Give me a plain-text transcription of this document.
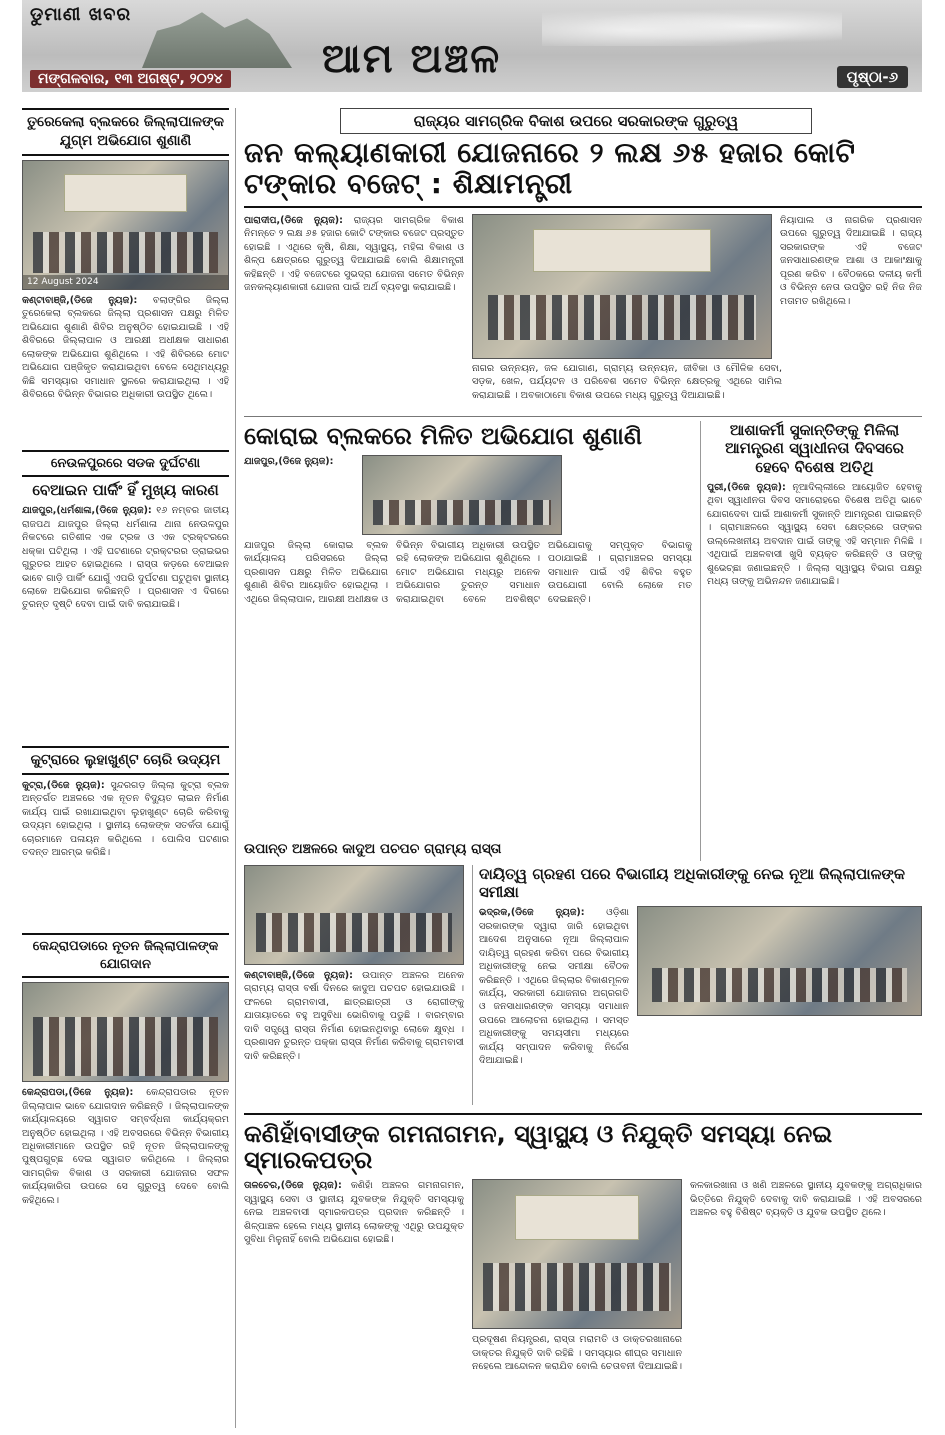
ଡୁମାଣୀ ଖବର
ଆମ ଅଞ୍ଚଳ
ମଙ୍ଗଳବାର, ୧୩ ଅଗଷ୍ଟ, ୨୦୨୪	ପୃଷ୍ଠା-୬
ତୁରେକେଲା ବ୍ଲକରେ ଜିଲ୍ଲାପାଳଙ୍କ ଯୁଗ୍ମ ଅଭିଯୋଗ ଶୁଣାଣି
12 August 2024

କଣ୍ଟାବାଞ୍ଜି,(ଡିଜେ ନ୍ୟୁଜ): ବଲାଙ୍ଗିର ଜିଲ୍ଲା ତୁରେକେଲା ବ୍ଲକରେ ଜିଲ୍ଲା ପ୍ରଶାସନ ପକ୍ଷରୁ ମିଳିତ ଅଭିଯୋଗ ଶୁଣାଣି ଶିବିର ଅନୁଷ୍ଠିତ ହୋଇଯାଇଛି । ଏହି ଶିବିରରେ ଜିଲ୍ଲାପାଳ ଓ ଆରକ୍ଷୀ ଅଧୀକ୍ଷକ ସାଧାରଣ ଲୋକଙ୍କ ଅଭିଯୋଗ ଶୁଣିଥିଲେ । ଏହି ଶିବିରରେ ମୋଟ ଅଭିଯୋଗ ପଞ୍ଜିକୃତ କରାଯାଇଥିବା ବେଳେ ସେଥିମଧ୍ୟରୁ କିଛି ସମସ୍ୟାର ସମାଧାନ ସ୍ଥଳରେ କରାଯାଇଥିଲା । ଏହି ଶିବିରରେ ବିଭିନ୍ନ ବିଭାଗର ଅଧିକାରୀ ଉପସ୍ଥିତ ଥିଲେ।

ନେଉଳପୁରରେ ସଡକ ଦୁର୍ଘଟଣା
ବେଆଇନ ପାର୍କିଂ ହିଁ ମୁଖ୍ୟ କାରଣ

ଯାଜପୁର,(ଧର୍ମଶାଳା,(ଡିଜେ ନ୍ୟୁଜ): ୧୬ ନମ୍ବର ଜାତୀୟ ରାଜପଥ ଯାଜପୁର ଜିଲ୍ଲା ଧର୍ମଶାଳା ଥାନା ନେଉଳପୁର ନିକଟରେ ଗତିଶୀଳ ଏକ ଟ୍ରକ ଓ ଏକ ଟ୍ରକ୍ଟରରେ ଧକ୍କା ଘଟିଥିଲା । ଏହି ଘଟଣାରେ ଟ୍ରକ୍ଟରର ଡ୍ରାଇଭର ଗୁରୁତର ଆହତ ହୋଇଥିଲେ । ରାସ୍ତା କଡ଼ରେ ବେଆଇନ ଭାବେ ଗାଡ଼ି ପାର୍କିଂ ଯୋଗୁଁ ଏପରି ଦୁର୍ଘଟଣା ଘଟୁଥିବା ସ୍ଥାନୀୟ ଲୋକେ ଅଭିଯୋଗ କରିଛନ୍ତି । ପ୍ରଶାସନ ଏ ଦିଗରେ ତୁରନ୍ତ ଦୃଷ୍ଟି ଦେବା ପାଇଁ ଦାବି କରାଯାଇଛି।

କୁଟ୍ରାରେ ଲୁହାଖୁଣ୍ଟ ଚୋରି ଉଦ୍ୟମ

କୁଟ୍ରା,(ଡିଜେ ନ୍ୟୁଜ): ସୁନ୍ଦରଗଡ଼ ଜିଲ୍ଲା କୁଟ୍ରା ବ୍ଲକ ଅନ୍ତର୍ଗତ ଅଞ୍ଚଳରେ ଏକ ନୂତନ ବିଦ୍ୟୁତ ଲାଇନ ନିର୍ମାଣ କାର୍ଯ୍ୟ ପାଇଁ ରଖାଯାଇଥିବା ଲୁହାଖୁଣ୍ଟ ଚୋରି କରିବାକୁ ଉଦ୍ୟମ ହୋଇଥିଲା । ସ୍ଥାନୀୟ ଲୋକଙ୍କ ସତର୍କତା ଯୋଗୁଁ ଚୋରମାନେ ପଳାୟନ କରିଥିଲେ । ପୋଲିସ ଘଟଣାର ତଦନ୍ତ ଆରମ୍ଭ କରିଛି।

କେନ୍ଦ୍ରାପଡାରେ ନୂତନ ଜିଲ୍ଲାପାଳଙ୍କ ଯୋଗଦାନ

କେନ୍ଦ୍ରାପଡା,(ଡିଜେ ନ୍ୟୁଜ): କେନ୍ଦ୍ରାପଡାର ନୂତନ ଜିଲ୍ଲାପାଳ ଭାବେ ଯୋଗଦାନ କରିଛନ୍ତି । ଜିଲ୍ଲାପାଳଙ୍କ କାର୍ଯ୍ୟାଳୟରେ ସ୍ୱାଗତ ସମ୍ବର୍ଦ୍ଧନା କାର୍ଯ୍ୟକ୍ରମ ଅନୁଷ୍ଠିତ ହୋଇଥିଲା । ଏହି ଅବସରରେ ବିଭିନ୍ନ ବିଭାଗୀୟ ଅଧିକାରୀମାନେ ଉପସ୍ଥିତ ରହି ନୂତନ ଜିଲ୍ଲାପାଳଙ୍କୁ ପୁଷ୍ପଗୁଚ୍ଛ ଦେଇ ସ୍ୱାଗତ କରିଥିଲେ । ଜିଲ୍ଲାର ସାମଗ୍ରିକ ବିକାଶ ଓ ସରକାରୀ ଯୋଜନାର ସଫଳ କାର୍ଯ୍ୟକାରିତା ଉପରେ ସେ ଗୁରୁତ୍ୱ ଦେବେ ବୋଲି କହିଥିଲେ।

ରାଜ୍ୟର ସାମଗ୍ରିକ ବିକାଶ ଉପରେ ସରକାରଙ୍କ ଗୁରୁତ୍ୱ
ଜନ କଲ୍ୟାଣକାରୀ ଯୋଜନାରେ ୨ ଲକ୍ଷ ୬୫ ହଜାର କୋଟି ଟଙ୍କାର ବଜେଟ୍ : ଶିକ୍ଷାମନ୍ତ୍ରୀ

ପାରାଦୀପ,(ଡିଜେ ନ୍ୟୁଜ): ରାଜ୍ୟର ସାମଗ୍ରିକ ବିକାଶ ନିମନ୍ତେ ୨ ଲକ୍ଷ ୬୫ ହଜାର କୋଟି ଟଙ୍କାର ବଜେଟ ପ୍ରସ୍ତୁତ ହୋଇଛି । ଏଥିରେ କୃଷି, ଶିକ୍ଷା, ସ୍ୱାସ୍ଥ୍ୟ, ମହିଳା ବିକାଶ ଓ ଶିଳ୍ପ କ୍ଷେତ୍ରରେ ଗୁରୁତ୍ୱ ଦିଆଯାଇଛି ବୋଲି ଶିକ୍ଷାମନ୍ତ୍ରୀ କହିଛନ୍ତି । ଏହି ବଜେଟରେ ସୁଭଦ୍ରା ଯୋଜନା ସମେତ ବିଭିନ୍ନ ଜନକଲ୍ୟାଣକାରୀ ଯୋଜନା ପାଇଁ ଅର୍ଥ ବ୍ୟବସ୍ଥା କରାଯାଇଛି।

ନିୟାପାଲ ଓ ନାଗରିକ ପ୍ରଶାସନ ଉପରେ ଗୁରୁତ୍ୱ ଦିଆଯାଇଛି । ରାଜ୍ୟ ସରକାରଙ୍କ ଏହି ବଜେଟ ଜନସାଧାରଣଙ୍କ ଆଶା ଓ ଆକାଂକ୍ଷାକୁ ପୂରଣ କରିବ । ବୈଠକରେ ଦଳୀୟ କର୍ମୀ ଓ ବିଭିନ୍ନ ନେତା ଉପସ୍ଥିତ ରହି ନିଜ ନିଜ ମତାମତ ରଖିଥିଲେ।

ନାଗର ଉନ୍ନୟନ, ଜଳ ଯୋଗାଣ, ଗ୍ରାମ୍ୟ ଉନ୍ନୟନ, ଜୀବିକା ଓ ମୌଳିକ ସେବା, ସଡ଼କ, ଖେଳ, ପର୍ଯ୍ୟଟନ ଓ ପରିବେଶ ସମେତ ବିଭିନ୍ନ କ୍ଷେତ୍ରକୁ ଏଥିରେ ସାମିଲ କରାଯାଇଛି । ଅବକାଠାମୋ ବିକାଶ ଉପରେ ମଧ୍ୟ ଗୁରୁତ୍ୱ ଦିଆଯାଇଛି।

କୋରାଇ ବ୍ଲକରେ ମିଳିତ ଅଭିଯୋଗ ଶୁଣାଣି

ଯାଜପୁର,(ଡିଜେ ନ୍ୟୁଜ):

ଯାଜପୁର ଜିଲ୍ଲା କୋରାଇ ବ୍ଲକ କାର୍ଯ୍ୟାଳୟ ପରିସରରେ ଜିଲ୍ଲା ପ୍ରଶାସନ ପକ୍ଷରୁ ମିଳିତ ଅଭିଯୋଗ ଶୁଣାଣି ଶିବିର ଆୟୋଜିତ ହୋଇଥିଲା । ଏଥିରେ ଜିଲ୍ଲାପାଳ, ଆରକ୍ଷୀ ଅଧୀକ୍ଷକ ଓ ବିଭିନ୍ନ ବିଭାଗୀୟ ଅଧିକାରୀ ଉପସ୍ଥିତ ରହି ଲୋକଙ୍କ ଅଭିଯୋଗ ଶୁଣିଥିଲେ । ମୋଟ ଅଭିଯୋଗ ମଧ୍ୟରୁ ଅନେକ ଅଭିଯୋଗର ତୁରନ୍ତ ସମାଧାନ କରାଯାଇଥିବା ବେଳେ ଅବଶିଷ୍ଟ ଅଭିଯୋଗକୁ ସମ୍ପୃକ୍ତ ବିଭାଗକୁ ପଠାଯାଇଛି । ଗ୍ରାମାଞ୍ଚଳର ସମସ୍ୟା ସମାଧାନ ପାଇଁ ଏହି ଶିବିର ବହୁତ ଉପଯୋଗୀ ବୋଲି ଲୋକେ ମତ ଦେଇଛନ୍ତି।

ଉପାନ୍ତ ଅଞ୍ଚଳରେ କାଦୁଅ ପଚପଚ ଗ୍ରାମ୍ୟ ରାସ୍ତା
ଆଶାକର୍ମୀ ସୁକାନ୍ତିଙ୍କୁ ମିଳିଲା ଆମନ୍ତ୍ରଣ ସ୍ୱାଧୀନତା ଦିବସରେ ହେବେ ବିଶେଷ ଅତିଥି

ପୁରୀ,(ଡିଜେ ନ୍ୟୁଜ): ନୂଆଦିଲ୍ଲୀରେ ଆୟୋଜିତ ହେବାକୁ ଥିବା ସ୍ୱାଧୀନତା ଦିବସ ସମାରୋହରେ ବିଶେଷ ଅତିଥି ଭାବେ ଯୋଗଦେବା ପାଇଁ ଆଶାକର୍ମୀ ସୁକାନ୍ତି ଆମନ୍ତ୍ରଣ ପାଇଛନ୍ତି । ଗ୍ରାମାଞ୍ଚଳରେ ସ୍ୱାସ୍ଥ୍ୟ ସେବା କ୍ଷେତ୍ରରେ ତାଙ୍କର ଉଲ୍ଲେଖନୀୟ ଅବଦାନ ପାଇଁ ତାଙ୍କୁ ଏହି ସମ୍ମାନ ମିଳିଛି । ଏଥିପାଇଁ ଅଞ୍ଚଳବାସୀ ଖୁସି ବ୍ୟକ୍ତ କରିଛନ୍ତି ଓ ତାଙ୍କୁ ଶୁଭେଚ୍ଛା ଜଣାଇଛନ୍ତି । ଜିଲ୍ଲା ସ୍ୱାସ୍ଥ୍ୟ ବିଭାଗ ପକ୍ଷରୁ ମଧ୍ୟ ତାଙ୍କୁ ଅଭିନନ୍ଦନ ଜଣାଯାଇଛି।

କଣ୍ଟାବାଞ୍ଜି,(ଡିଜେ ନ୍ୟୁଜ): ଉପାନ୍ତ ଅଞ୍ଚଳର ଅନେକ ଗ୍ରାମ୍ୟ ରାସ୍ତା ବର୍ଷା ଦିନରେ କାଦୁଅ ପଚପଚ ହୋଇଯାଉଛି । ଫଳରେ ଗ୍ରାମବାସୀ, ଛାତ୍ରଛାତ୍ରୀ ଓ ରୋଗୀଙ୍କୁ ଯାତାୟାତରେ ବହୁ ଅସୁବିଧା ଭୋଗିବାକୁ ପଡୁଛି । ବାରମ୍ବାର ଦାବି ସତ୍ତ୍ୱେ ରାସ୍ତା ନିର୍ମାଣ ହୋଇନଥିବାରୁ ଲୋକେ କ୍ଷୁବ୍ଧ । ପ୍ରଶାସନ ତୁରନ୍ତ ପକ୍କା ରାସ୍ତା ନିର୍ମାଣ କରିବାକୁ ଗ୍ରାମବାସୀ ଦାବି କରିଛନ୍ତି।

ଦାୟିତ୍ୱ ଗ୍ରହଣ ପରେ ବିଭାଗୀୟ ଅଧିକାରୀଙ୍କୁ ନେଇ ନୂଆ ଜିଲ୍ଲାପାଳଙ୍କ ସମୀକ୍ଷା

ଭଦ୍ରକ,(ଡିଜେ ନ୍ୟୁଜ): ଓଡ଼ିଶା ସରକାରଙ୍କ ଦ୍ୱାରା ଜାରି ହୋଇଥିବା ଆଦେଶ ଅନୁସାରେ ନୂଆ ଜିଲ୍ଲାପାଳ ଦାୟିତ୍ୱ ଗ୍ରହଣ କରିବା ପରେ ବିଭାଗୀୟ ଅଧିକାରୀଙ୍କୁ ନେଇ ସମୀକ୍ଷା ବୈଠକ କରିଛନ୍ତି । ଏଥିରେ ଜିଲ୍ଲାର ବିକାଶମୂଳକ କାର୍ଯ୍ୟ, ସରକାରୀ ଯୋଜନାର ଅଗ୍ରଗତି ଓ ଜନସାଧାରଣଙ୍କ ସମସ୍ୟା ସମାଧାନ ଉପରେ ଆଲୋଚନା ହୋଇଥିଲା । ସମସ୍ତ ଅଧିକାରୀଙ୍କୁ ସମୟସୀମା ମଧ୍ୟରେ କାର୍ଯ୍ୟ ସମ୍ପାଦନ କରିବାକୁ ନିର୍ଦ୍ଦେଶ ଦିଆଯାଇଛି।

କଣିହାଁବାସୀଙ୍କ ଗମନାଗମନ, ସ୍ୱାସ୍ଥ୍ୟ ଓ ନିଯୁକ୍ତି ସମସ୍ୟା ନେଇ ସ୍ମାରକପତ୍ର

ତାଳଚେର,(ଡିଜେ ନ୍ୟୁଜ): କଣିହାଁ ଅଞ୍ଚଳର ଗମନାଗମନ, ସ୍ୱାସ୍ଥ୍ୟ ସେବା ଓ ସ୍ଥାନୀୟ ଯୁବକଙ୍କ ନିଯୁକ୍ତି ସମସ୍ୟାକୁ ନେଇ ଅଞ୍ଚଳବାସୀ ସ୍ମାରକପତ୍ର ପ୍ରଦାନ କରିଛନ୍ତି । ଶିଳ୍ପାଞ୍ଚଳ ହେଲେ ମଧ୍ୟ ସ୍ଥାନୀୟ ଲୋକଙ୍କୁ ଏଥିରୁ ଉପଯୁକ୍ତ ସୁବିଧା ମିଳୁନାହିଁ ବୋଲି ଅଭିଯୋଗ ହୋଇଛି।

ପ୍ରଦୂଷଣ ନିୟନ୍ତ୍ରଣ, ରାସ୍ତା ମରାମତି ଓ ଡାକ୍ତରଖାନାରେ ଡାକ୍ତର ନିଯୁକ୍ତି ଦାବି ରହିଛି । ସମସ୍ୟାର ଶୀଘ୍ର ସମାଧାନ ନହେଲେ ଆନ୍ଦୋଳନ କରାଯିବ ବୋଲି ଚେତାବନୀ ଦିଆଯାଇଛି।

କଳକାରଖାନା ଓ ଖଣି ଅଞ୍ଚଳରେ ସ୍ଥାନୀୟ ଯୁବକଙ୍କୁ ଅଗ୍ରାଧିକାର ଭିତ୍ତିରେ ନିଯୁକ୍ତି ଦେବାକୁ ଦାବି କରାଯାଇଛି । ଏହି ଅବସରରେ ଅଞ୍ଚଳର ବହୁ ବିଶିଷ୍ଟ ବ୍ୟକ୍ତି ଓ ଯୁବକ ଉପସ୍ଥିତ ଥିଲେ।
